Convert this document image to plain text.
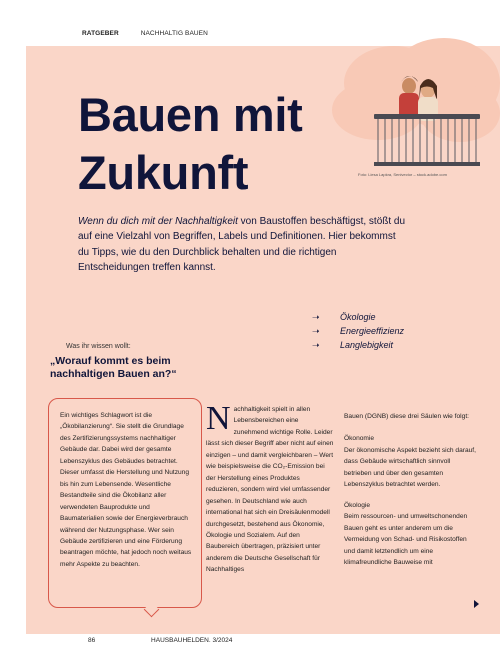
RATGEBER	NACHHALTIG BAUEN
Bauen mit
Zukunft	Foto: Liesa Lapkra, Senivector – stock.adobe.com
Wenn du dich mit der Nachhaltigkeit von Baustoffen beschäftigst, stößt du auf eine Vielzahl von Begriffen, Labels und Definitionen. Hier bekommst du Tipps, wie du den Durchblick behalten und die richtigen Entscheidungen treffen kannst.
➝	Ökologie
➝	Energieeffizienz
➝	Langlebigkeit
Was ihr wissen wollt:
„Worauf kommt es beim nachhaltigen Bauen an?“
Ein wichtiges Schlagwort ist die „Ökobilanzierung“. Sie stellt die Grundlage des Zertifizierungssystems nachhaltiger Gebäude dar. Dabei wird der gesamte Lebenszyklus des Gebäudes betrachtet. Dieser umfasst die Herstellung und Nutzung bis hin zum Lebensende. Wesentliche Bestandteile sind die Ökobilanz aller verwendeten Bauprodukte und Baumaterialien sowie der Energieverbrauch während der Nutzungsphase. Wer sein Gebäude zertifizieren und eine Förderung beantragen möchte, hat jedoch noch weitaus mehr Aspekte zu beachten.
Nachhaltigkeit spielt in allen Lebensbereichen eine zunehmend wichtige Rolle. Leider lässt sich dieser Begriff aber nicht auf einen einzigen – und damit vergleichbaren – Wert wie beispielsweise die CO₂-Emission bei der Herstellung eines Produktes reduzieren, sondern wird viel umfassender gesehen. In Deutschland wie auch international hat sich ein Dreisäulenmodell durchgesetzt, bestehend aus Ökonomie, Ökologie und Sozialem. Auf den Baubereich übertragen, präzisiert unter anderem die Deutsche Gesellschaft für Nachhaltiges

Bauen (DGNB) diese drei Säulen wie folgt:

Ökonomie

Der ökonomische Aspekt bezieht sich darauf, dass Gebäude wirtschaftlich sinnvoll betrieben und über den gesamten Lebenszyklus betrachtet werden.

Ökologie

Beim ressourcen- und umweltschonenden Bauen geht es unter anderem um die Vermeidung von Schad- und Risikostoffen und damit letztendlich um eine klimafreundliche Bauweise mit

86	HAUSBAUHELDEN. 3/2024
